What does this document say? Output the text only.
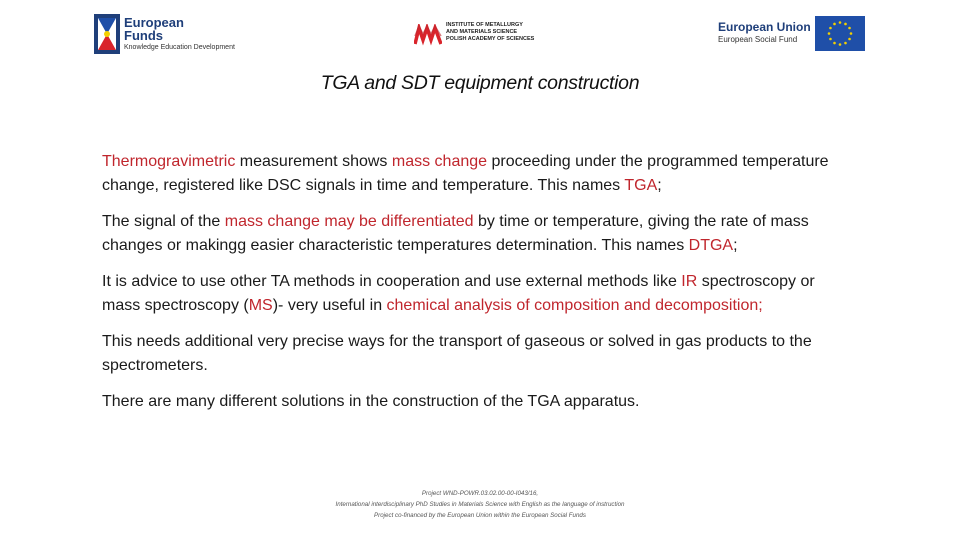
European
Funds
Knowledge Education Development
INSTITUTE OF METALLURGY
AND MATERIALS SCIENCE
POLISH ACADEMY OF SCIENCES
European Union
European Social Fund
TGA and SDT equipment construction

Thermogravimetric measurement shows mass change proceeding under the programmed temperature change, registered like DSC signals in time and temperature. This names TGA;

The signal of the mass change may be differentiated by time or temperature, giving the rate of mass changes or makingg easier characteristic temperatures determination. This names DTGA;

It is advice to use other TA methods in cooperation and use external methods like IR spectroscopy or mass spectroscopy (MS)- very useful in chemical analysis of composition and decomposition;

This needs additional very precise ways for the transport of gaseous or solved in gas products to the spectrometers.

There are many different solutions in the construction of the TGA apparatus.

Project WND-POWR.03.02.00-00-I043/16,
International interdisciplinary PhD Studies in Materials Science with English as the language of instruction
Project co-financed by the European Union within the European Social Funds
